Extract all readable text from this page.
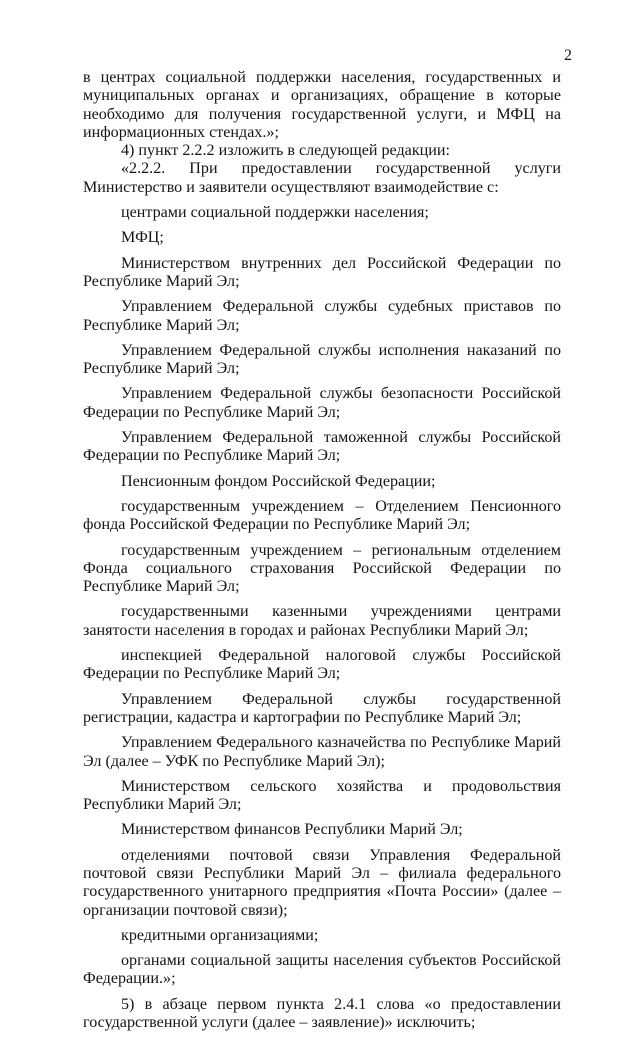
2

в центрах социальной поддержки населения, государственных и муниципальных органах и организациях, обращение в которые необходимо для получения государственной услуги, и МФЦ на информационных стендах.»;

4) пункт 2.2.2 изложить в следующей редакции:

«2.2.2. При предоставлении государственной услуги Министерство и заявители осуществляют взаимодействие с:

центрами социальной поддержки населения;

МФЦ;

Министерством внутренних дел Российской Федерации по Республике Марий Эл;

Управлением Федеральной службы судебных приставов по Республике Марий Эл;

Управлением Федеральной службы исполнения наказаний по Республике Марий Эл;

Управлением Федеральной службы безопасности Российской Федерации по Республике Марий Эл;

Управлением Федеральной таможенной службы Российской Федерации по Республике Марий Эл;

Пенсионным фондом Российской Федерации;

государственным учреждением – Отделением Пенсионного фонда Российской Федерации по Республике Марий Эл;

государственным учреждением – региональным отделением Фонда социального страхования Российской Федерации по Республике Марий Эл;

государственными казенными учреждениями центрами занятости населения в городах и районах Республики Марий Эл;

инспекцией Федеральной налоговой службы Российской Федерации по Республике Марий Эл;

Управлением Федеральной службы государственной регистрации, кадастра и картографии по Республике Марий Эл;

Управлением Федерального казначейства по Республике Марий Эл (далее – УФК по Республике Марий Эл);

Министерством сельского хозяйства и продовольствия Республики Марий Эл;

Министерством финансов Республики Марий Эл;

отделениями почтовой связи Управления Федеральной почтовой связи Республики Марий Эл – филиала федерального государственного унитарного предприятия «Почта России» (далее – организации почтовой связи);

кредитными организациями;

органами социальной защиты населения субъектов Российской Федерации.»;

5) в абзаце первом пункта 2.4.1 слова «о предоставлении государственной услуги (далее – заявление)» исключить;
